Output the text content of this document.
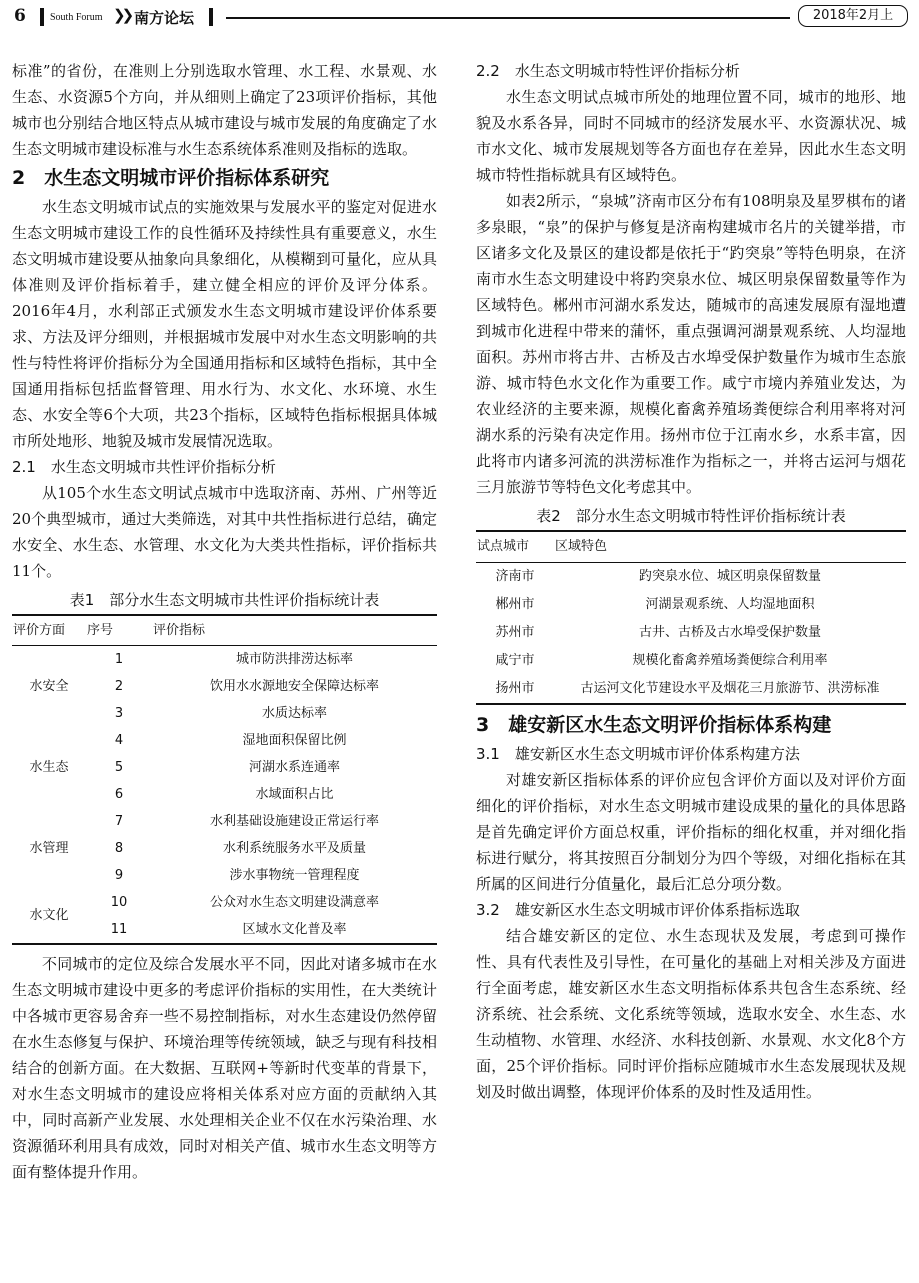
6 South Forum ❯❯ 南方论坛	2018年2月上

标准”的省份，在准则上分别选取水管理、水工程、水景观、水生态、水资源5个方向，并从细则上确定了23项评价指标，其他城市也分别结合地区特点从城市建设与城市发展的角度确定了水生态文明城市建设标准与水生态系统体系准则及指标的选取。

2　水生态文明城市评价指标体系研究

水生态文明城市试点的实施效果与发展水平的鉴定对促进水生态文明城市建设工作的良性循环及持续性具有重要意义，水生态文明城市建设要从抽象向具象细化，从模糊到可量化，应从具体准则及评价指标着手，建立健全相应的评价及评分体系。2016年4月，水利部正式颁发水生态文明城市建设评价体系要求、方法及评分细则，并根据城市发展中对水生态文明影响的共性与特性将评价指标分为全国通用指标和区域特色指标，其中全国通用指标包括监督管理、用水行为、水文化、水环境、水生态、水安全等6个大项，共23个指标，区域特色指标根据具体城市所处地形、地貌及城市发展情况选取。

2.1　水生态文明城市共性评价指标分析

从105个水生态文明试点城市中选取济南、苏州、广州等近20个典型城市，通过大类筛选，对其中共性指标进行总结，确定水安全、水生态、水管理、水文化为大类共性指标，评价指标共11个。

表1　部分水生态文明城市共性评价指标统计表
评价方面	序号	评价指标
水安全	1	城市防洪排涝达标率
	2	饮用水水源地安全保障达标率
	3	水质达标率
水生态	4	湿地面积保留比例
	5	河湖水系连通率
	6	水域面积占比
水管理	7	水利基础设施建设正常运行率
	8	水利系统服务水平及质量
	9	涉水事物统一管理程度
水文化	10	公众对水生态文明建设满意率
	11	区域水文化普及率

不同城市的定位及综合发展水平不同，因此对诸多城市在水生态文明城市建设中更多的考虑评价指标的实用性，在大类统计中各城市更容易舍弃一些不易控制指标，对水生态建设仍然停留在水生态修复与保护、环境治理等传统领域，缺乏与现有科技相结合的创新方面。在大数据、互联网+等新时代变革的背景下，对水生态文明城市的建设应将相关体系对应方面的贡献纳入其中，同时高新产业发展、水处理相关企业不仅在水污染治理、水资源循环利用具有成效，同时对相关产值、城市水生态文明等方面有整体提升作用。

2.2　水生态文明城市特性评价指标分析

水生态文明试点城市所处的地理位置不同，城市的地形、地貌及水系各异，同时不同城市的经济发展水平、水资源状况、城市水文化、城市发展规划等各方面也存在差异，因此水生态文明城市特性指标就具有区域特色。

如表2所示，“泉城”济南市区分布有108明泉及星罗棋布的诸多泉眼，“泉”的保护与修复是济南构建城市名片的关键举措，市区诸多文化及景区的建设都是依托于“趵突泉”等特色明泉，在济南市水生态文明建设中将趵突泉水位、城区明泉保留数量等作为区域特色。郴州市河湖水系发达，随城市的高速发展原有湿地遭到城市化进程中带来的蒲怀，重点强调河湖景观系统、人均湿地面积。苏州市将古井、古桥及古水埠受保护数量作为城市生态旅游、城市特色水文化作为重要工作。咸宁市境内养殖业发达，为农业经济的主要来源，规模化畜禽养殖场粪便综合利用率将对河湖水系的污染有决定作用。扬州市位于江南水乡，水系丰富，因此将市内诸多河流的洪涝标准作为指标之一，并将古运河与烟花三月旅游节等特色文化考虑其中。

表2　部分水生态文明城市特性评价指标统计表
试点城市	区域特色
济南市	趵突泉水位、城区明泉保留数量
郴州市	河湖景观系统、人均湿地面积
苏州市	古井、古桥及古水埠受保护数量
咸宁市	规模化畜禽养殖场粪便综合利用率
扬州市	古运河文化节建设水平及烟花三月旅游节、洪涝标准

3　雄安新区水生态文明评价指标体系构建

3.1　雄安新区水生态文明城市评价体系构建方法

对雄安新区指标体系的评价应包含评价方面以及对评价方面细化的评价指标，对水生态文明城市建设成果的量化的具体思路是首先确定评价方面总权重，评价指标的细化权重，并对细化指标进行赋分，将其按照百分制划分为四个等级，对细化指标在其所属的区间进行分值量化，最后汇总分项分数。

3.2　雄安新区水生态文明城市评价体系指标选取

结合雄安新区的定位、水生态现状及发展，考虑到可操作性、具有代表性及引导性，在可量化的基础上对相关涉及方面进行全面考虑，雄安新区水生态文明指标体系共包含生态系统、经济系统、社会系统、文化系统等领域，选取水安全、水生态、水生动植物、水管理、水经济、水科技创新、水景观、水文化8个方面，25个评价指标。同时评价指标应随城市水生态发展现状及规划及时做出调整，体现评价体系的及时性及适用性。
